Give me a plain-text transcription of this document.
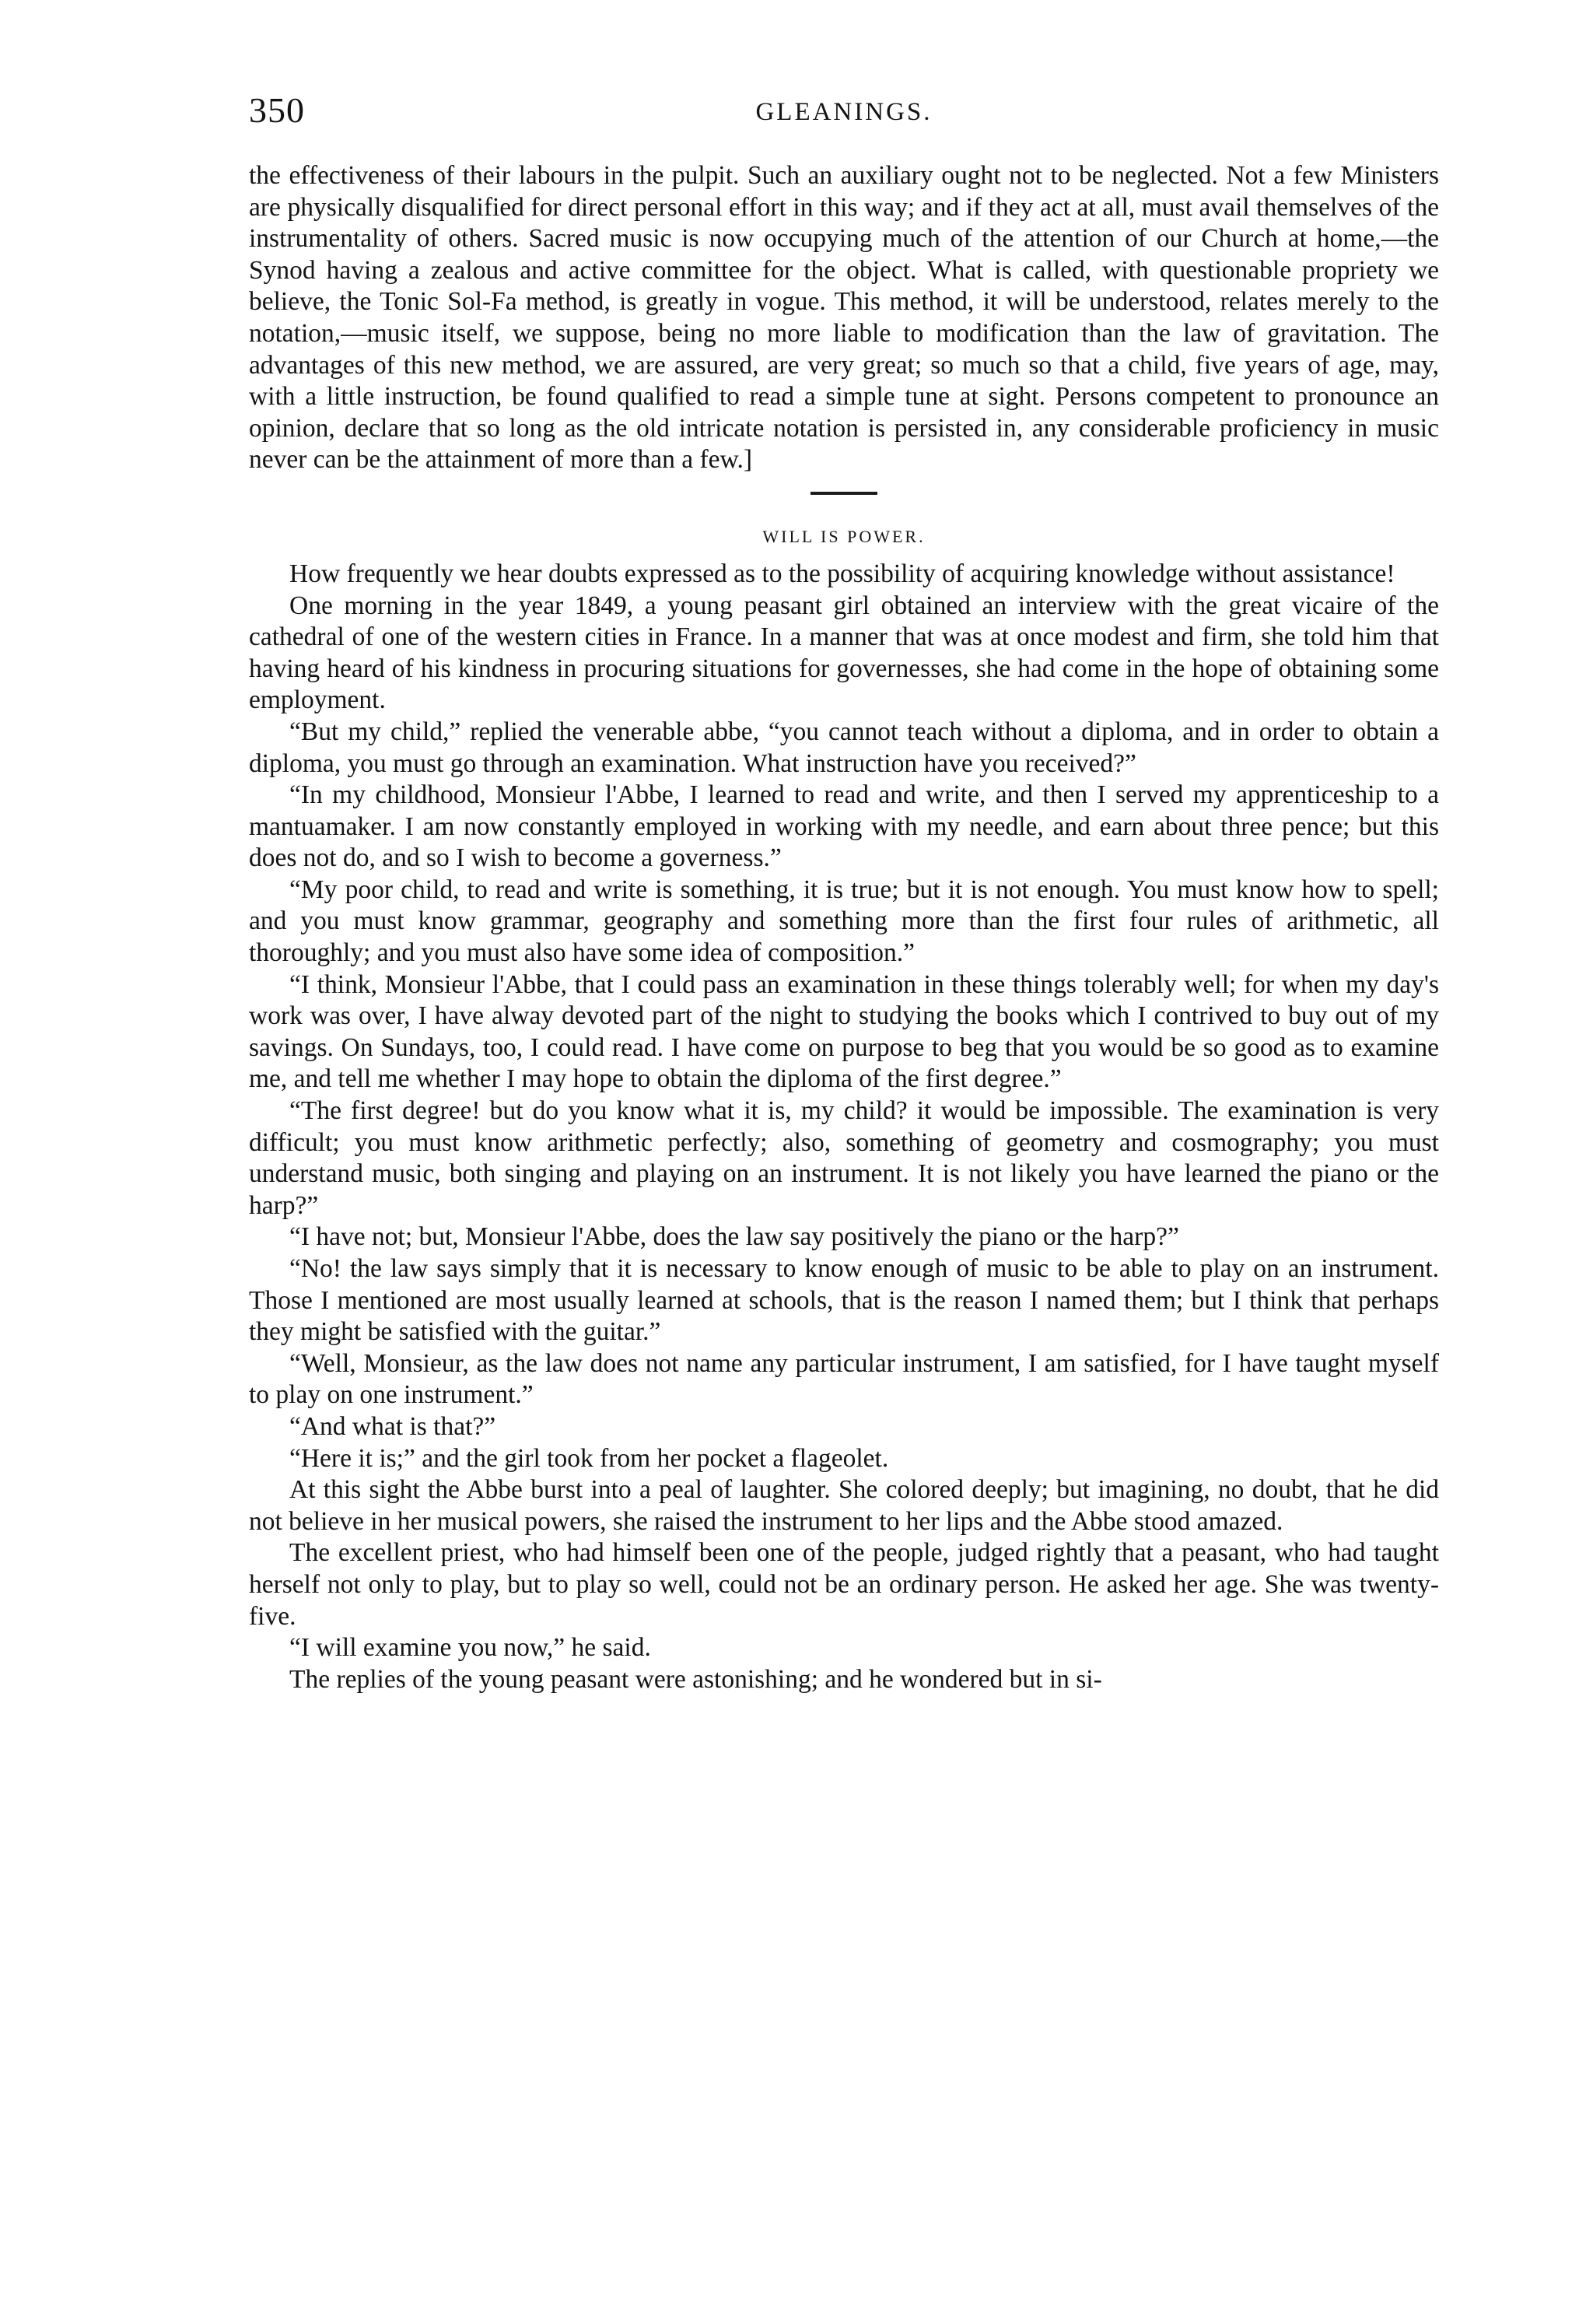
350	GLEANINGS.

the effectiveness of their labours in the pulpit. Such an auxiliary ought not to be neglected. Not a few Ministers are physically disqualified for direct personal effort in this way; and if they act at all, must avail themselves of the instrumentality of others. Sacred music is now occupying much of the attention of our Church at home,—the Synod having a zealous and active committee for the object. What is called, with questionable propriety we believe, the Tonic Sol-Fa method, is greatly in vogue. This method, it will be understood, relates merely to the notation,—music itself, we suppose, being no more liable to modification than the law of gravitation. The advantages of this new method, we are assured, are very great; so much so that a child, five years of age, may, with a little instruction, be found qualified to read a simple tune at sight. Persons competent to pronounce an opinion, declare that so long as the old intricate notation is persisted in, any considerable proficiency in music never can be the attainment of more than a few.]

WILL IS POWER.

How frequently we hear doubts expressed as to the possibility of acquiring knowledge without assistance!

One morning in the year 1849, a young peasant girl obtained an interview with the great vicaire of the cathedral of one of the western cities in France. In a manner that was at once modest and firm, she told him that having heard of his kindness in procuring situations for governesses, she had come in the hope of obtaining some employment.

“But my child,” replied the venerable abbe, “you cannot teach without a diploma, and in order to obtain a diploma, you must go through an examination. What instruction have you received?”

“In my childhood, Monsieur l'Abbe, I learned to read and write, and then I served my apprenticeship to a mantuamaker. I am now constantly employed in working with my needle, and earn about three pence; but this does not do, and so I wish to become a governess.”

“My poor child, to read and write is something, it is true; but it is not enough. You must know how to spell; and you must know grammar, geography and something more than the first four rules of arithmetic, all thoroughly; and you must also have some idea of composition.”

“I think, Monsieur l'Abbe, that I could pass an examination in these things tolerably well; for when my day's work was over, I have alway devoted part of the night to studying the books which I contrived to buy out of my savings. On Sundays, too, I could read. I have come on purpose to beg that you would be so good as to examine me, and tell me whether I may hope to obtain the diploma of the first degree.”

“The first degree! but do you know what it is, my child? it would be impossible. The examination is very difficult; you must know arithmetic perfectly; also, something of geometry and cosmography; you must understand music, both singing and playing on an instrument. It is not likely you have learned the piano or the harp?”

“I have not; but, Monsieur l'Abbe, does the law say positively the piano or the harp?”

“No! the law says simply that it is necessary to know enough of music to be able to play on an instrument. Those I mentioned are most usually learned at schools, that is the reason I named them; but I think that perhaps they might be satisfied with the guitar.”

“Well, Monsieur, as the law does not name any particular instrument, I am satisfied, for I have taught myself to play on one instrument.”

“And what is that?”

“Here it is;” and the girl took from her pocket a flageolet.

At this sight the Abbe burst into a peal of laughter. She colored deeply; but imagining, no doubt, that he did not believe in her musical powers, she raised the instrument to her lips and the Abbe stood amazed.

The excellent priest, who had himself been one of the people, judged rightly that a peasant, who had taught herself not only to play, but to play so well, could not be an ordinary person. He asked her age. She was twenty-five.

“I will examine you now,” he said.

The replies of the young peasant were astonishing; and he wondered but in si-
